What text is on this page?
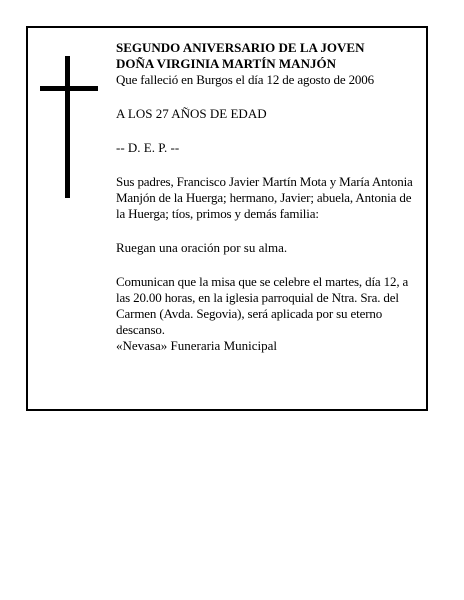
SEGUNDO ANIVERSARIO DE LA JOVEN
DOÑA VIRGINIA MARTÍN MANJÓN
Que falleció en Burgos el día 12 de agosto de 2006

A LOS 27 AÑOS DE EDAD

-- D. E. P. --

Sus padres, Francisco Javier Martín Mota y María Antonia Manjón de la Huerga; hermano, Javier; abuela, Antonia de la Huerga; tíos, primos y demás familia:

Ruegan una oración por su alma.

Comunican que la misa que se celebre el martes, día 12, a las 20.00 horas, en la iglesia parroquial de Ntra. Sra. del Carmen (Avda. Segovia), será aplicada por su eterno descanso.

«Nevasa» Funeraria Municipal
